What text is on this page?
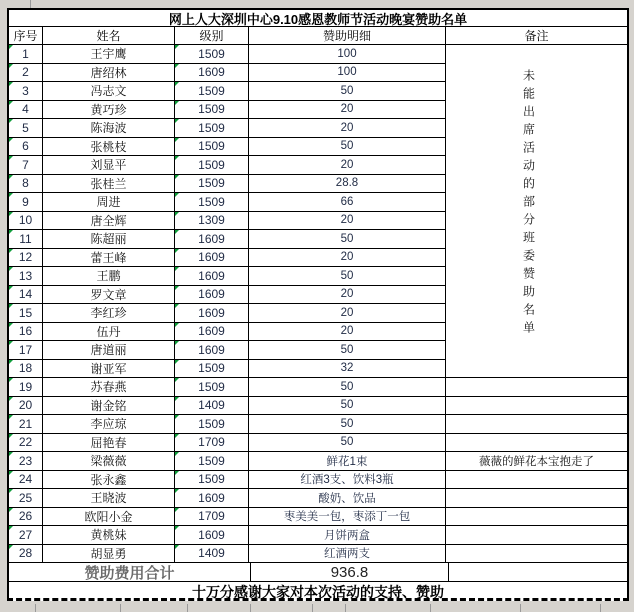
网上人大深圳中心9.10感恩教师节活动晚宴赞助名单
序号	姓名	级别	赞助明细	备注
1	王宇鹰	1509	100
2	唐绍林	1609	100
3	冯志文	1509	50
4	黄巧珍	1509	20
5	陈海波	1509	20
6	张桃枝	1509	50
7	刘显平	1509	20
8	张桂兰	1509	28.8
9	周进	1509	66
10	唐全辉	1309	20
11	陈超丽	1609	50
12	蕾王峰	1609	20
13	王鹏	1609	50
14	罗文章	1609	20
15	李红珍	1609	20
16	伍丹	1609	20
17	唐道丽	1609	50
18	谢亚军	1509	32
19	苏春燕	1509	50
20	谢金铭	1409	50
21	李应琼	1509	50
22	屈艳春	1709	50
23	梁薇薇	1509	鲜花1束	薇薇的鲜花本宝抱走了
24	张永鑫	1509	红酒3支、饮料3瓶
25	王晓波	1609	酸奶、饮品
26	欧阳小金	1709	枣美美一包，枣添丁一包
27	黄桃妹	1609	月饼两盒
28	胡显勇	1409	红酒两支
赞助费用合计	936.8
十万分感谢大家对本次活动的支持、赞助
未能出席活动的部分班委赞助名单
